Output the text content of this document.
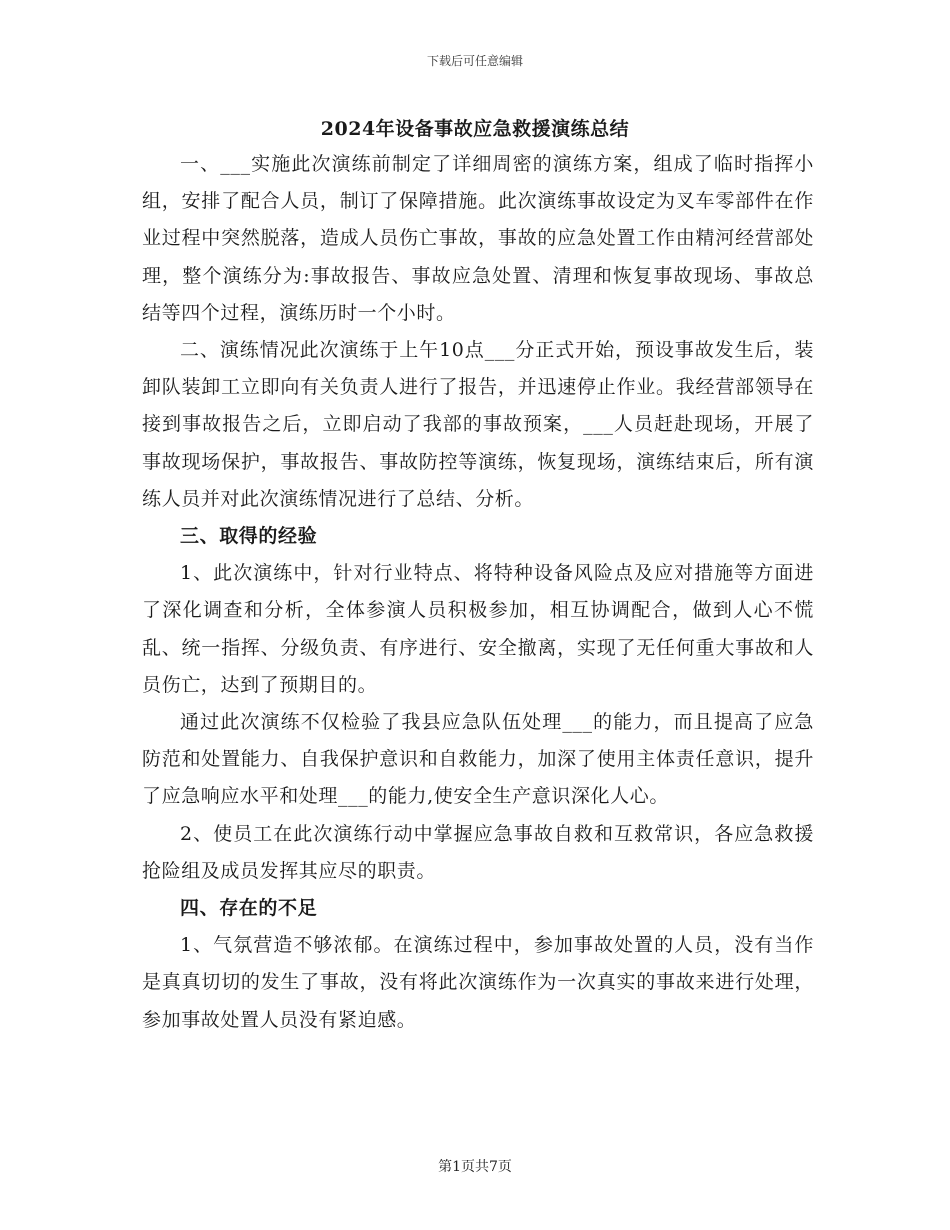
下载后可任意编辑
2024年设备事故应急救援演练总结

一、___实施此次演练前制定了详细周密的演练方案，组成了临时指挥小组，安排了配合人员，制订了保障措施。此次演练事故设定为叉车零部件在作业过程中突然脱落，造成人员伤亡事故，事故的应急处置工作由精河经营部处理，整个演练分为:事故报告、事故应急处置、清理和恢复事故现场、事故总结等四个过程，演练历时一个小时。

二、演练情况此次演练于上午10点___分正式开始，预设事故发生后，装卸队装卸工立即向有关负责人进行了报告，并迅速停止作业。我经营部领导在接到事故报告之后，立即启动了我部的事故预案，___人员赶赴现场，开展了事故现场保护，事故报告、事故防控等演练，恢复现场，演练结束后，所有演练人员并对此次演练情况进行了总结、分析。

三、取得的经验

1、此次演练中，针对行业特点、将特种设备风险点及应对措施等方面进了深化调查和分析，全体参演人员积极参加，相互协调配合，做到人心不慌乱、统一指挥、分级负责、有序进行、安全撤离，实现了无任何重大事故和人员伤亡，达到了预期目的。

通过此次演练不仅检验了我县应急队伍处理___的能力，而且提高了应急防范和处置能力、自我保护意识和自救能力，加深了使用主体责任意识，提升了应急响应水平和处理___的能力,使安全生产意识深化人心。

2、使员工在此次演练行动中掌握应急事故自救和互救常识，各应急救援抢险组及成员发挥其应尽的职责。

四、存在的不足

1、气氛营造不够浓郁。在演练过程中，参加事故处置的人员，没有当作是真真切切的发生了事故，没有将此次演练作为一次真实的事故来进行处理，参加事故处置人员没有紧迫感。

第1页共7页
